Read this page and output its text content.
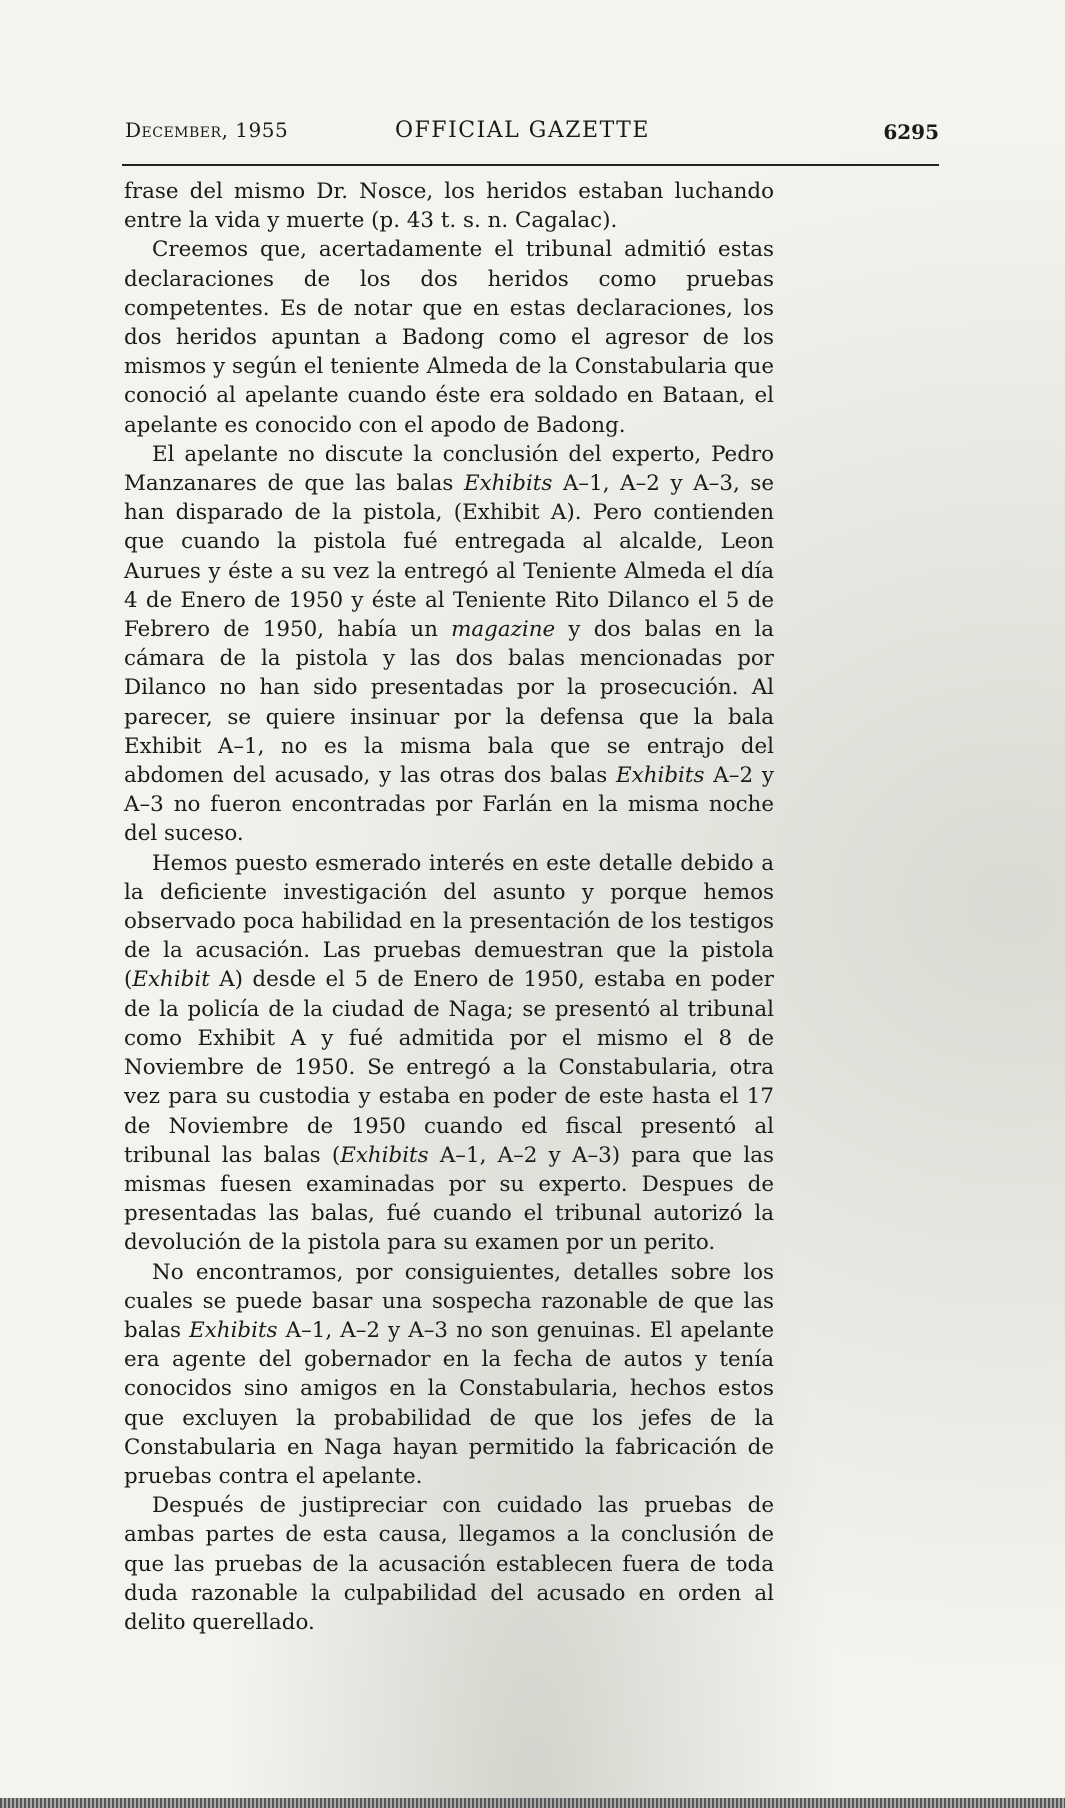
December, 1955	OFFICIAL GAZETTE	6295

frase del mismo Dr. Nosce, los heridos estaban luchando entre la vida y muerte (p. 43 t. s. n. Cagalac).

Creemos que, acertadamente el tribunal admitió estas declaraciones de los dos heridos como pruebas competentes. Es de notar que en estas declaraciones, los dos heridos apuntan a Badong como el agresor de los mismos y según el teniente Almeda de la Constabularia que conoció al apelante cuando éste era soldado en Bataan, el apelante es conocido con el apodo de Badong.

El apelante no discute la conclusión del experto, Pedro Manzanares de que las balas Exhibits A–1, A–2 y A–3, se han disparado de la pistola, (Exhibit A). Pero contienden que cuando la pistola fué entregada al alcalde, Leon Aurues y éste a su vez la entregó al Teniente Almeda el día 4 de Enero de 1950 y éste al Teniente Rito Dilanco el 5 de Febrero de 1950, había un magazine y dos balas en la cámara de la pistola y las dos balas mencionadas por Dilanco no han sido presentadas por la prosecución. Al parecer, se quiere insinuar por la defensa que la bala Exhibit A–1, no es la misma bala que se entrajo del abdomen del acusado, y las otras dos balas Exhibits A–2 y A–3 no fueron encontradas por Farlán en la misma noche del suceso.

Hemos puesto esmerado interés en este detalle debido a la deficiente investigación del asunto y porque hemos observado poca habilidad en la presentación de los testigos de la acusación. Las pruebas demuestran que la pistola (Exhibit A) desde el 5 de Enero de 1950, estaba en poder de la policía de la ciudad de Naga; se presentó al tribunal como Exhibit A y fué admitida por el mismo el 8 de Noviembre de 1950. Se entregó a la Constabularia, otra vez para su custodia y estaba en poder de este hasta el 17 de Noviembre de 1950 cuando ed fiscal presentó al tribunal las balas (Exhibits A–1, A–2 y A–3) para que las mismas fuesen examinadas por su experto. Despues de presentadas las balas, fué cuando el tribunal autorizó la devolución de la pistola para su examen por un perito.

No encontramos, por consiguientes, detalles sobre los cuales se puede basar una sospecha razonable de que las balas Exhibits A–1, A–2 y A–3 no son genuinas. El apelante era agente del gobernador en la fecha de autos y tenía conocidos sino amigos en la Constabularia, hechos estos que excluyen la probabilidad de que los jefes de la Constabularia en Naga hayan permitido la fabricación de pruebas contra el apelante.

Después de justipreciar con cuidado las pruebas de ambas partes de esta causa, llegamos a la conclusión de que las pruebas de la acusación establecen fuera de toda duda razonable la culpabilidad del acusado en orden al delito querellado.
